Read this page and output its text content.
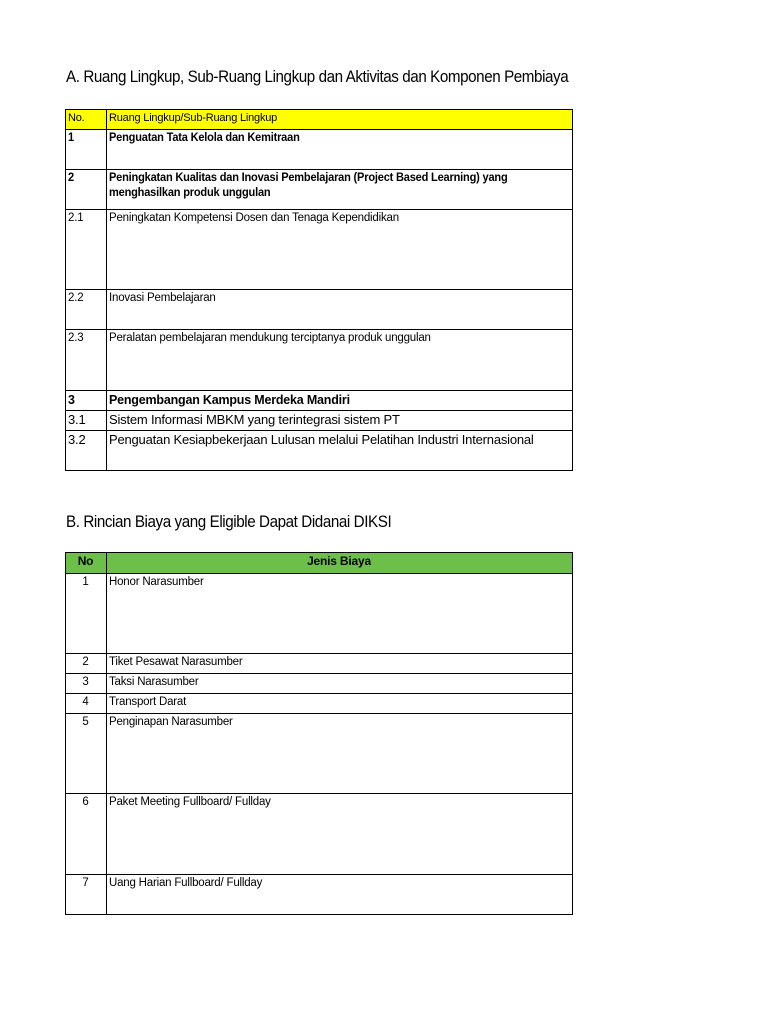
A. Ruang Lingkup, Sub-Ruang Lingkup dan Aktivitas dan Komponen Pembiaya
No.	Ruang Lingkup/Sub-Ruang Lingkup

1	Penguatan Tata Kelola dan Kemitraan

2	Peningkatan Kualitas dan Inovasi Pembelajaran (Project Based Learning) yang menghasilkan produk unggulan

2.1	Peningkatan Kompetensi Dosen dan Tenaga Kependidikan
2.2	Inovasi Pembelajaran
2.3	Peralatan pembelajaran mendukung terciptanya produk unggulan

3	Pengembangan Kampus Merdeka Mandiri

3.1	Sistem Informasi MBKM yang terintegrasi sistem PT
3.2	Penguatan Kesiapbekerjaan Lulusan melalui Pelatihan Industri Internasional
B. Rincian Biaya yang Eligible Dapat Didanai DIKSI
No	Jenis Biaya
1	Honor Narasumber
2	Tiket Pesawat Narasumber
3	Taksi Narasumber
4	Transport Darat
5	Penginapan Narasumber
6	Paket Meeting Fullboard/ Fullday
7	Uang Harian Fullboard/ Fullday
